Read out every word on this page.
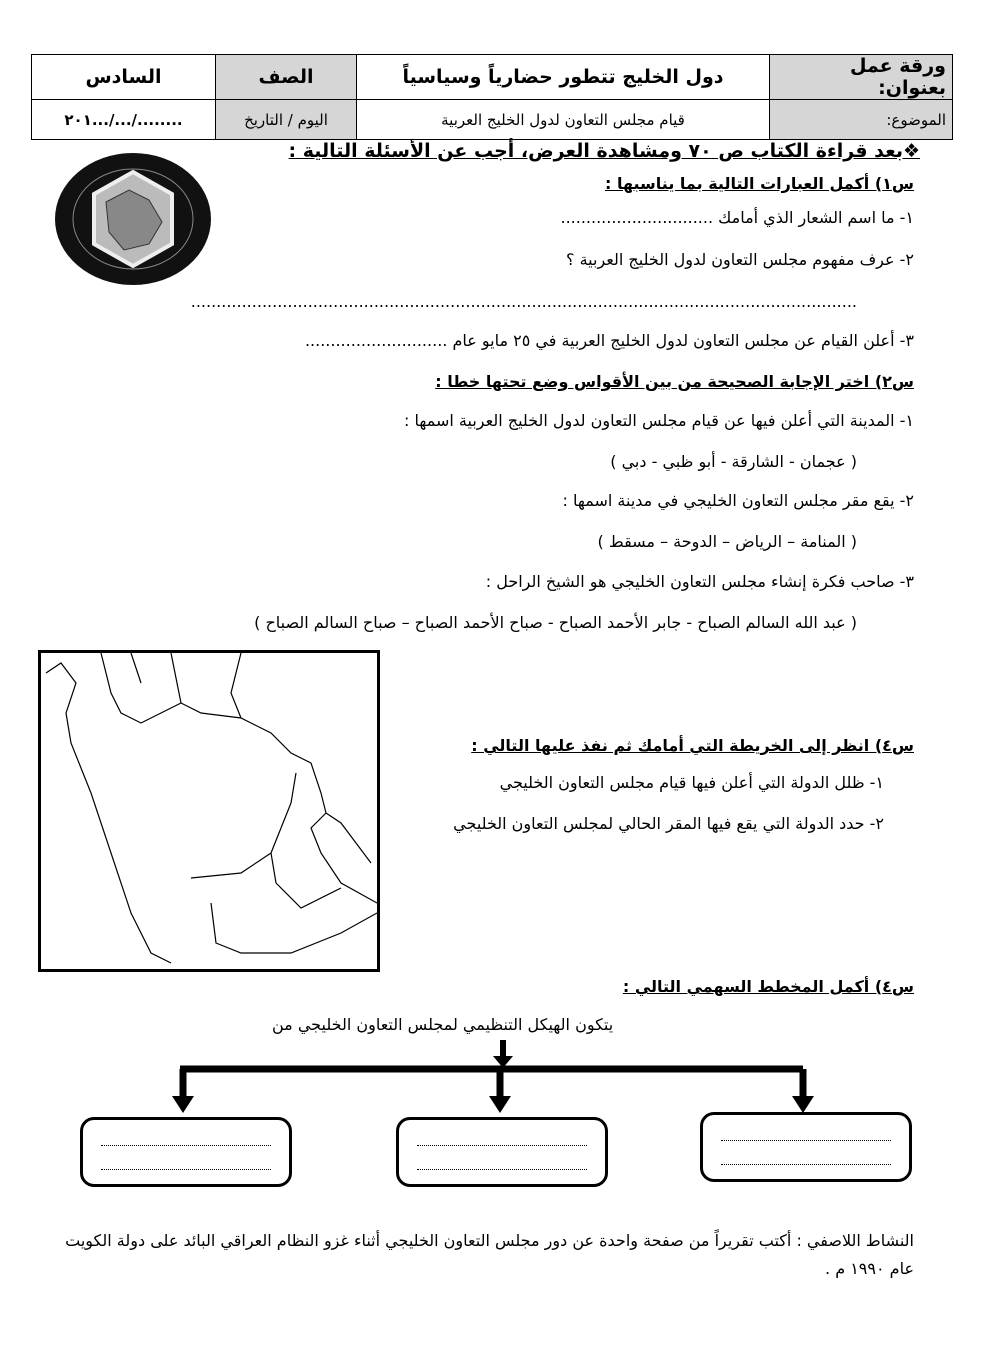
ورقة عمل بعنوان:	دول الخليج تتطور حضارياً وسياسياً	الصف	السادس
الموضوع:	قيام مجلس التعاون لدول الخليج العربية	اليوم / التاريخ	......../.../...۲۰۱
❖بعد قراءة الكتاب ص ۷۰ ومشاهدة العرض، أجب عن الأسئلة التالية :
س۱) أكمل العبارات التالية بما يناسبها :
۱- ما اسم الشعار الذي أمامك ..............................
۲- عرف مفهوم مجلس التعاون لدول الخليج العربية ؟
...................................................................................................................................
۳- أعلن القيام عن مجلس التعاون لدول الخليج العربية في ۲٥ مايو عام ............................
س۲) اختر الإجابة الصحيحة من بين الأقواس وضع تحتها خطا :
۱- المدينة التي أعلن فيها عن قيام مجلس التعاون لدول الخليج العربية اسمها :
( عجمان - الشارقة - أبو ظبي - دبي )
۲- يقع مقر مجلس التعاون الخليجي في مدينة اسمها :
( المنامة – الرياض – الدوحة – مسقط )
۳- صاحب فكرة إنشاء مجلس التعاون الخليجي هو الشيخ الراحل :
( عبد الله السالم الصباح - جابر الأحمد الصباح - صباح الأحمد الصباح – صباح السالم الصباح )
س٤) انظر إلى الخريطة التي أمامك ثم نفذ عليها التالي :
۱- ظلل الدولة التي أعلن فيها قيام مجلس التعاون الخليجي
۲- حدد الدولة التي يقع فيها المقر الحالي لمجلس التعاون الخليجي
س٤) أكمل المخطط السهمي التالي :
يتكون الهيكل التنظيمي لمجلس التعاون الخليجي من
النشاط اللاصفي : أكتب تقريراً من صفحة واحدة عن دور مجلس التعاون الخليجي أثناء غزو النظام العراقي البائد على دولة الكويت عام ۱۹۹۰ م .
